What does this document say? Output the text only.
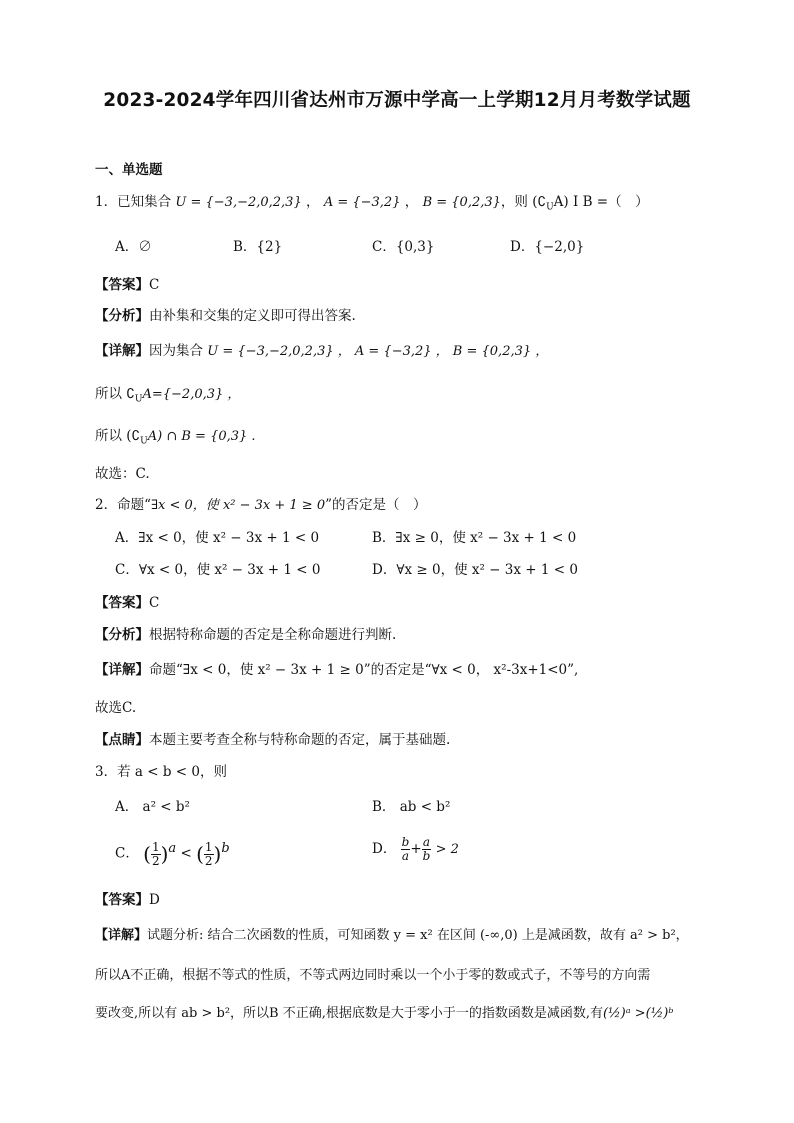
2023-2024学年四川省达州市万源中学高一上学期12月月考数学试题
一、单选题
1．已知集合 U = {−3,−2,0,2,3} ， A = {−3,2} ， B = {0,2,3}，则 $(∁_UA)$ I B =（　）
A．∅	B．{2}	C．{0,3}	D．{−2,0}
【答案】C
【分析】由补集和交集的定义即可得出答案.
【详解】因为集合 U = {−3,−2,0,2,3} ， A = {−3,2} ， B = {0,2,3} ，
所以 $∁_UA=\{-2,0,3\}$ ，
所以 $(∁_UA)$ ∩ B = {0,3} .
故选：C.
2．命题“∃x < 0，使 x² − 3x + 1 ≥ 0”的否定是（　）
A．∃x < 0，使 x² − 3x + 1 < 0	B．∃x ≥ 0，使 x² − 3x + 1 < 0
C．∀x < 0，使 x² − 3x + 1 < 0	D．∀x ≥ 0，使 x² − 3x + 1 < 0
【答案】C
【分析】根据特称命题的否定是全称命题进行判断.
【详解】命题“∃x < 0，使 x² − 3x + 1 ≥ 0”的否定是“∀x < 0， x²-3x+1<0”,
故选C.
【点睛】本题主要考查全称与特称命题的否定，属于基础题.
3．若 a < b < 0，则
A． a² < b²	B． ab < b²
C． ( $\frac{1}{2} )^a$ < ( $\frac{1}{2} )^b$	D． $\frac{b}{a} + \frac{a}{b} > 2$
【答案】D
【详解】试题分析: 结合二次函数的性质，可知函数 y = x² 在区间 (-∞,0) 上是减函数，故有 a² > b²，
所以A不正确，根据不等式的性质，不等式两边同时乘以一个小于零的数或式子，不等号的方向需
要改变,所以有 ab > b²，所以B 不正确,根据底数是大于零小于一的指数函数是减函数,有(½)ᵃ >(½)ᵇ
